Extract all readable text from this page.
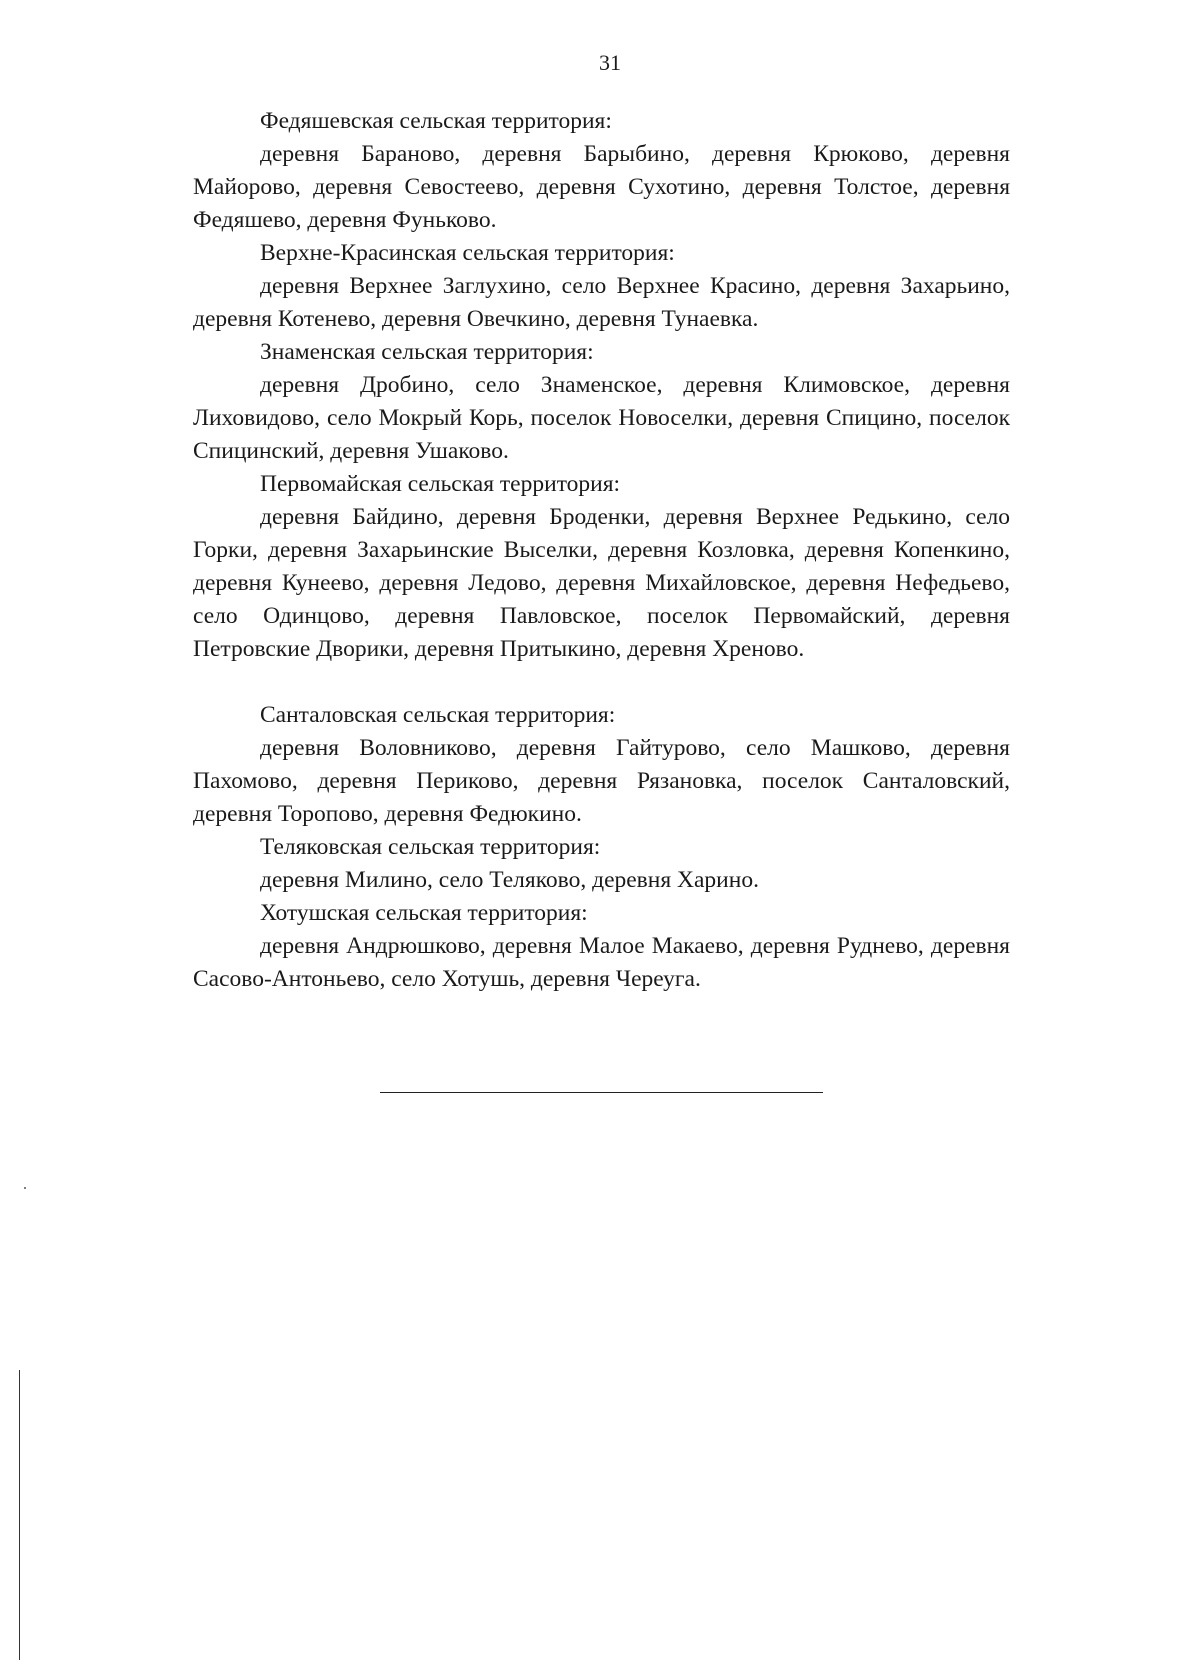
31

Федяшевская сельская территория:

деревня Бараново, деревня Барыбино, деревня Крюково, деревня Майорово, деревня Севостеево, деревня Сухотино, деревня Толстое, деревня Федяшево, деревня Фуньково.

Верхне-Красинская сельская территория:

деревня Верхнее Заглухино, село Верхнее Красино, деревня Захарьино, деревня Котенево, деревня Овечкино, деревня Тунаевка.

Знаменская сельская территория:

деревня Дробино, село Знаменское, деревня Климовское, деревня Лиховидово, село Мокрый Корь, поселок Новоселки, деревня Спицино, поселок Спицинский, деревня Ушаково.

Первомайская сельская территория:

деревня Байдино, деревня Броденки, деревня Верхнее Редькино, село Горки, деревня Захарьинские Выселки, деревня Козловка, деревня Копенкино, деревня Кунеево, деревня Ледово, деревня Михайловское, деревня Нефедьево, село Одинцово, деревня Павловское, поселок Первомайский, деревня Петровские Дворики, деревня Притыкино, деревня Хреново.

Санталовская сельская территория:

деревня Воловниково, деревня Гайтурово, село Машково, деревня Пахомово, деревня Периково, деревня Рязановка, поселок Санталовский, деревня Торопово, деревня Федюкино.

Теляковская сельская территория:

деревня Милино, село Теляково, деревня Харино.

Хотушская сельская территория:

деревня Андрюшково, деревня Малое Макаево, деревня Руднево, деревня Сасово-Антоньево, село Хотушь, деревня Череуга.
